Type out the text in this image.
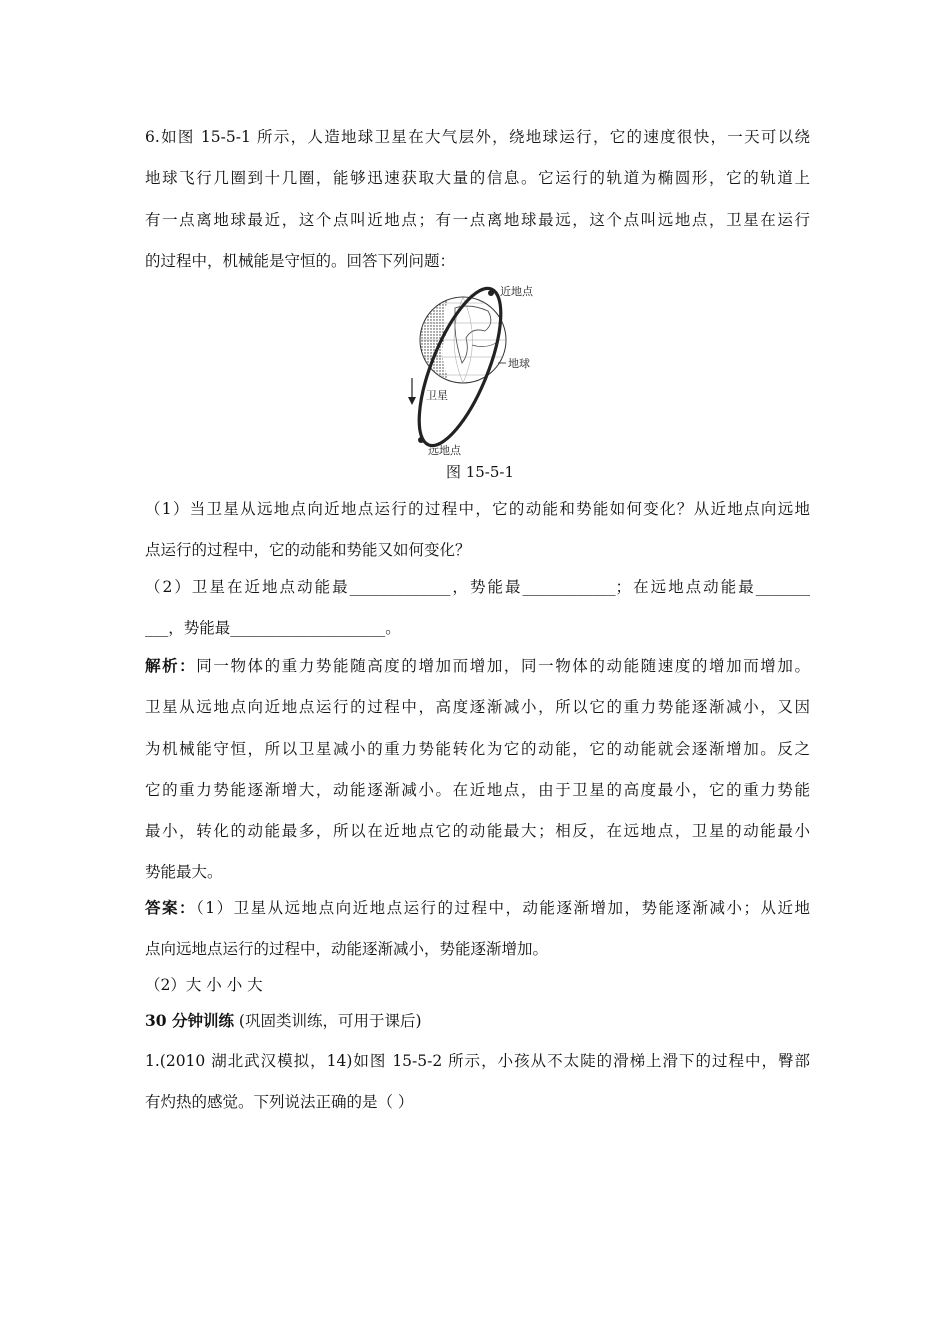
6.如图 15-5-1 所示，人造地球卫星在大气层外，绕地球运行，它的速度很快，一天可以绕
地球飞行几圈到十几圈，能够迅速获取大量的信息。它运行的轨道为椭圆形，它的轨道上
有一点离地球最近，这个点叫近地点；有一点离地球最远，这个点叫远地点，卫星在运行
的过程中，机械能是守恒的。回答下列问题：
近地点
地球
卫星
远地点
图 15-5-1
（1）当卫星从远地点向近地点运行的过程中，它的动能和势能如何变化？从近地点向远地
点运行的过程中，它的动能和势能又如何变化？
（2）卫星在近地点动能最_____________，势能最____________；在远地点动能最_______
___，势能最____________________。
解析：同一物体的重力势能随高度的增加而增加，同一物体的动能随速度的增加而增加。
卫星从远地点向近地点运行的过程中，高度逐渐减小，所以它的重力势能逐渐减小，又因
为机械能守恒，所以卫星减小的重力势能转化为它的动能，它的动能就会逐渐增加。反之
它的重力势能逐渐增大，动能逐渐减小。在近地点，由于卫星的高度最小，它的重力势能
最小，转化的动能最多，所以在近地点它的动能最大；相反，在远地点，卫星的动能最小
势能最大。
答案：（1）卫星从远地点向近地点运行的过程中，动能逐渐增加，势能逐渐减小；从近地
点向远地点运行的过程中，动能逐渐减小，势能逐渐增加。
（2）大 小 小 大
30 分钟训练 (巩固类训练，可用于课后)
1.(2010 湖北武汉模拟，14)如图 15-5-2 所示，小孩从不太陡的滑梯上滑下的过程中，臀部
有灼热的感觉。下列说法正确的是（ ）
